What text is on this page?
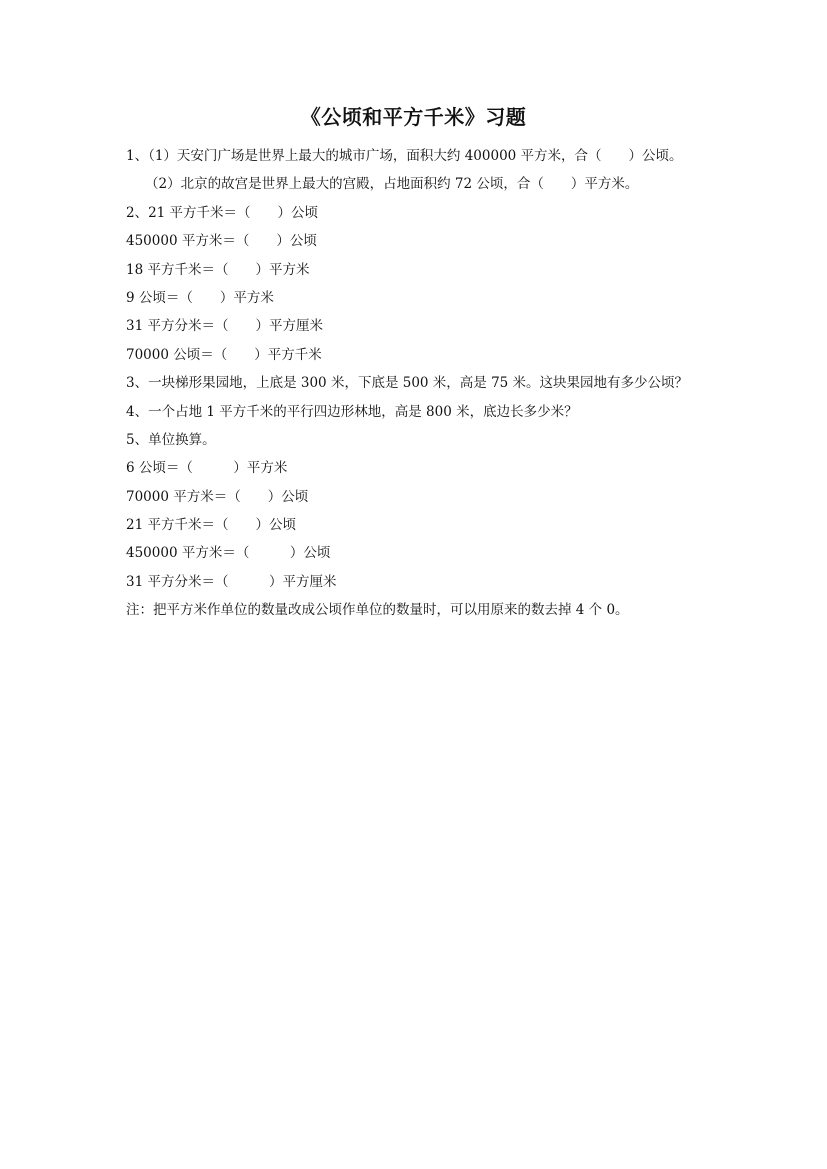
《公顷和平方千米》习题
1、（1）天安门广场是世界上最大的城市广场，面积大约 400000 平方米，合（　　）公顷。
（2）北京的故宫是世界上最大的宫殿，占地面积约 72 公顷，合（　　）平方米。
2、21 平方千米＝（　　）公顷
450000 平方米＝（　　）公顷
18 平方千米＝（　　）平方米
9 公顷＝（　　）平方米
31 平方分米＝（　　）平方厘米
70000 公顷＝（　　）平方千米
3、一块梯形果园地，上底是 300 米，下底是 500 米，高是 75 米。这块果园地有多少公顷？
4、一个占地 1 平方千米的平行四边形林地，高是 800 米，底边长多少米？
5、单位换算。
6 公顷＝（　　　）平方米
70000 平方米＝（　　）公顷
21 平方千米＝（　　）公顷
450000 平方米＝（　　　）公顷
31 平方分米＝（　　　）平方厘米
注：把平方米作单位的数量改成公顷作单位的数量时，可以用原来的数去掉 4 个 0。
